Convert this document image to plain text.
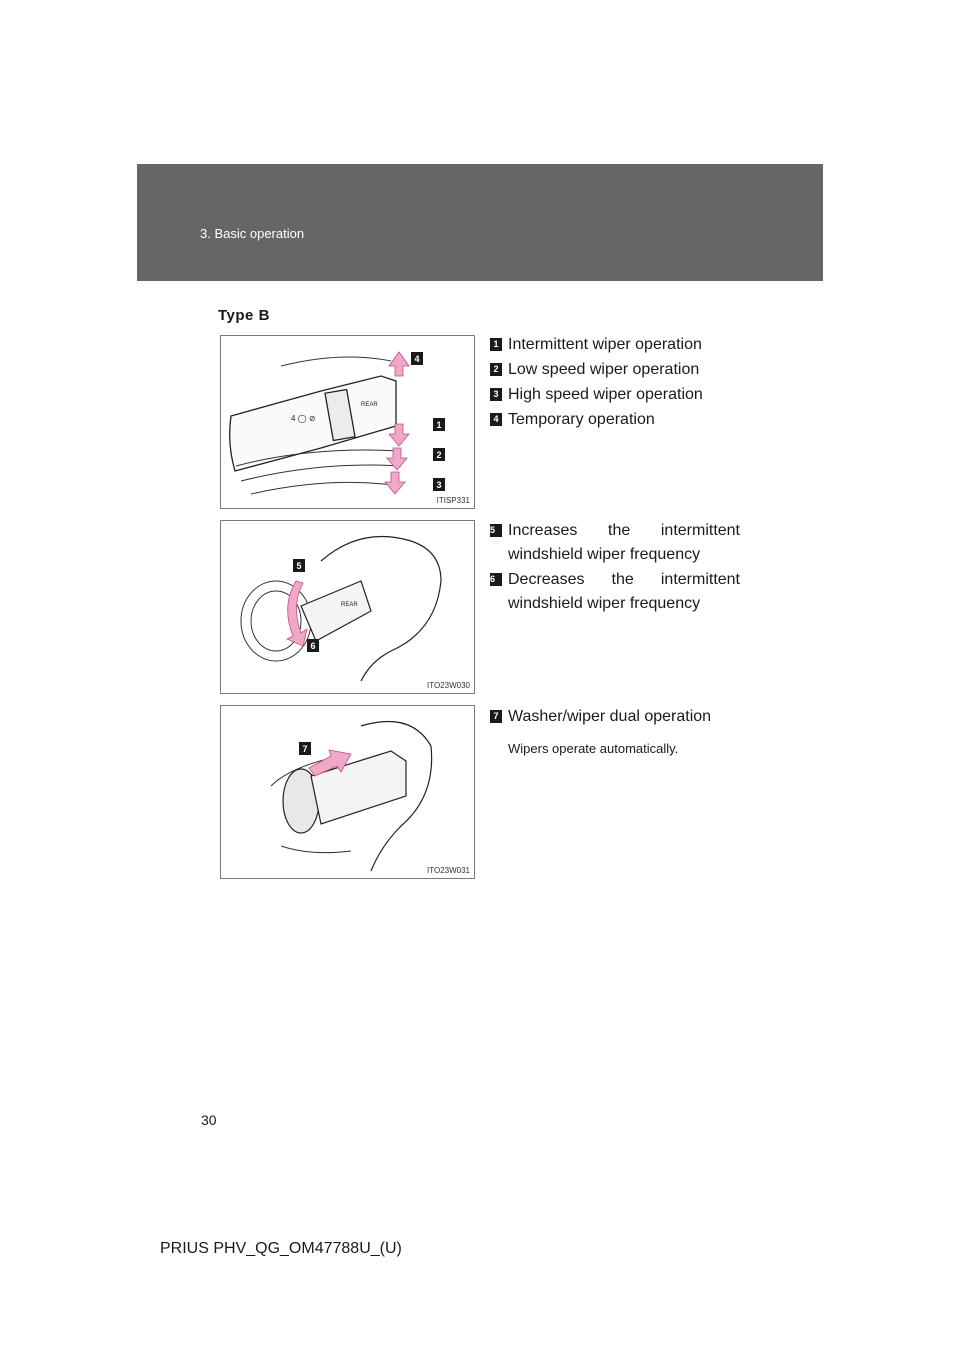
3. Basic operation
Type B
4 ◯ ⊘
REAR
4
1
2
3
ITISP331
REAR
5
6
ITO23W030
7
ITO23W031
1 Intermittent wiper operation
2 Low speed wiper operation
3 High speed wiper operation
4 Temporary operation
5 Increases the intermittent windshield wiper frequency
6 Decreases the intermittent windshield wiper frequency
7 Washer/wiper dual operation
Wipers operate automatically.
30
PRIUS PHV_QG_OM47788U_(U)
